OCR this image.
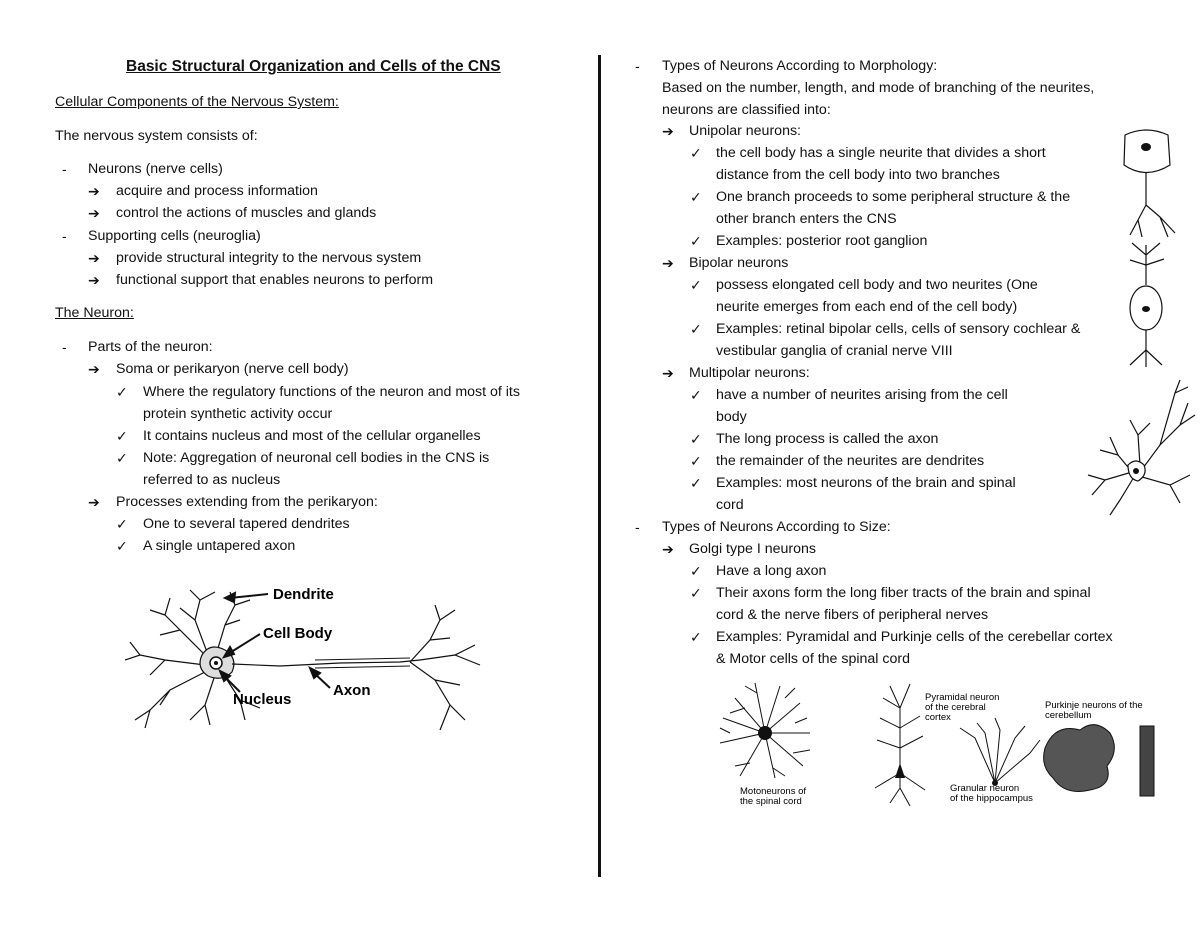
Basic Structural Organization and Cells of the CNS
Cellular Components of the Nervous System:
The nervous system consists of:
- Neurons (nerve cells)
➔ acquire and process information
➔ control the actions of muscles and glands
- Supporting cells (neuroglia)
➔ provide structural integrity to the nervous system
➔ functional support that enables neurons to perform
The Neuron:
- Parts of the neuron:
➔ Soma or perikaryon (nerve cell body)
✓ Where the regulatory functions of the neuron and most of its
protein synthetic activity occur
✓ It contains nucleus and most of the cellular organelles
✓ Note: Aggregation of neuronal cell bodies in the CNS is
referred to as nucleus
➔ Processes extending from the perikaryon:
✓ One to several tapered dendrites
✓ A single untapered axon
Dendrite
Cell Body
Nucleus
Axon
- Types of Neurons According to Morphology:
Based on the number, length, and mode of branching of the neurites,
neurons are classified into:
➔ Unipolar neurons:
✓ the cell body has a single neurite that divides a short
distance from the cell body into two branches
✓ One branch proceeds to some peripheral structure & the
other branch enters the CNS
✓ Examples: posterior root ganglion
➔ Bipolar neurons
✓ possess elongated cell body and two neurites (One
neurite emerges from each end of the cell body)
✓ Examples: retinal bipolar cells, cells of sensory cochlear &
vestibular ganglia of cranial nerve VIII
➔ Multipolar neurons:
✓ have a number of neurites arising from the cell
body
✓ The long process is called the axon
✓ the remainder of the neurites are dendrites
✓ Examples: most neurons of the brain and spinal
cord
- Types of Neurons According to Size:
➔ Golgi type I neurons
✓ Have a long axon
✓ Their axons form the long fiber tracts of the brain and spinal
cord & the nerve fibers of peripheral nerves
✓ Examples: Pyramidal and Purkinje cells of the cerebellar cortex
& Motor cells of the spinal cord
Pyramidal neuron
of the cerebral
cortex
Purkinje neurons of the
cerebellum
Motoneurons of
the spinal cord
Granular neuron
of the hippocampus
